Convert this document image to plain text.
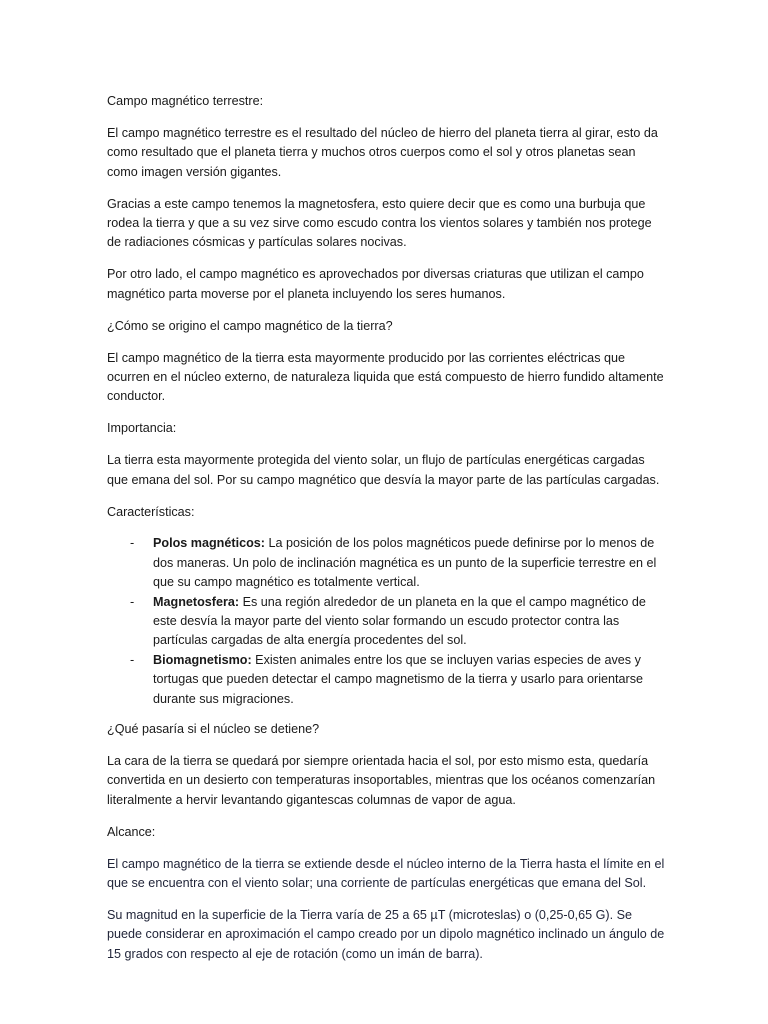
Campo magnético terrestre:

El campo magnético terrestre es el resultado del núcleo de hierro del planeta tierra al girar, esto da como resultado que el planeta tierra y muchos otros cuerpos como el sol y otros planetas sean como imagen versión gigantes.

Gracias a este campo tenemos la magnetosfera, esto quiere decir que es como una burbuja que rodea la tierra y que a su vez sirve como escudo contra los vientos solares y también nos protege de radiaciones cósmicas y partículas solares nocivas.

Por otro lado, el campo magnético es aprovechados por diversas criaturas que utilizan el campo magnético parta moverse por el planeta incluyendo los seres humanos.

¿Cómo se origino el campo magnético de la tierra?

El campo magnético de la tierra esta mayormente producido por las corrientes eléctricas que ocurren en el núcleo externo, de naturaleza liquida que está compuesto de hierro fundido altamente conductor.

Importancia:

La tierra esta mayormente protegida del viento solar, un flujo de partículas energéticas cargadas que emana del sol. Por su campo magnético que desvía la mayor parte de las partículas cargadas.

Características:

- Polos magnéticos: La posición de los polos magnéticos puede definirse por lo menos de dos maneras. Un polo de inclinación magnética es un punto de la superficie terrestre en el que su campo magnético es totalmente vertical.
- Magnetosfera: Es una región alrededor de un planeta en la que el campo magnético de este desvía la mayor parte del viento solar formando un escudo protector contra las partículas cargadas de alta energía procedentes del sol.
- Biomagnetismo: Existen animales entre los que se incluyen varias especies de aves y tortugas que pueden detectar el campo magnetismo de la tierra y usarlo para orientarse durante sus migraciones.

¿Qué pasaría si el núcleo se detiene?

La cara de la tierra se quedará por siempre orientada hacia el sol, por esto mismo esta, quedaría convertida en un desierto con temperaturas insoportables, mientras que los océanos comenzarían literalmente a hervir levantando gigantescas columnas de vapor de agua.

Alcance:

El campo magnético de la tierra se extiende desde el núcleo interno de la Tierra hasta el límite en el que se encuentra con el viento solar; una corriente de partículas energéticas que emana del Sol.

Su magnitud en la superficie de la Tierra varía de 25 a 65 µT (microteslas) o (0,25-0,65 G). Se puede considerar en aproximación el campo creado por un dipolo magnético inclinado un ángulo de 15 grados con respecto al eje de rotación (como un imán de barra).
